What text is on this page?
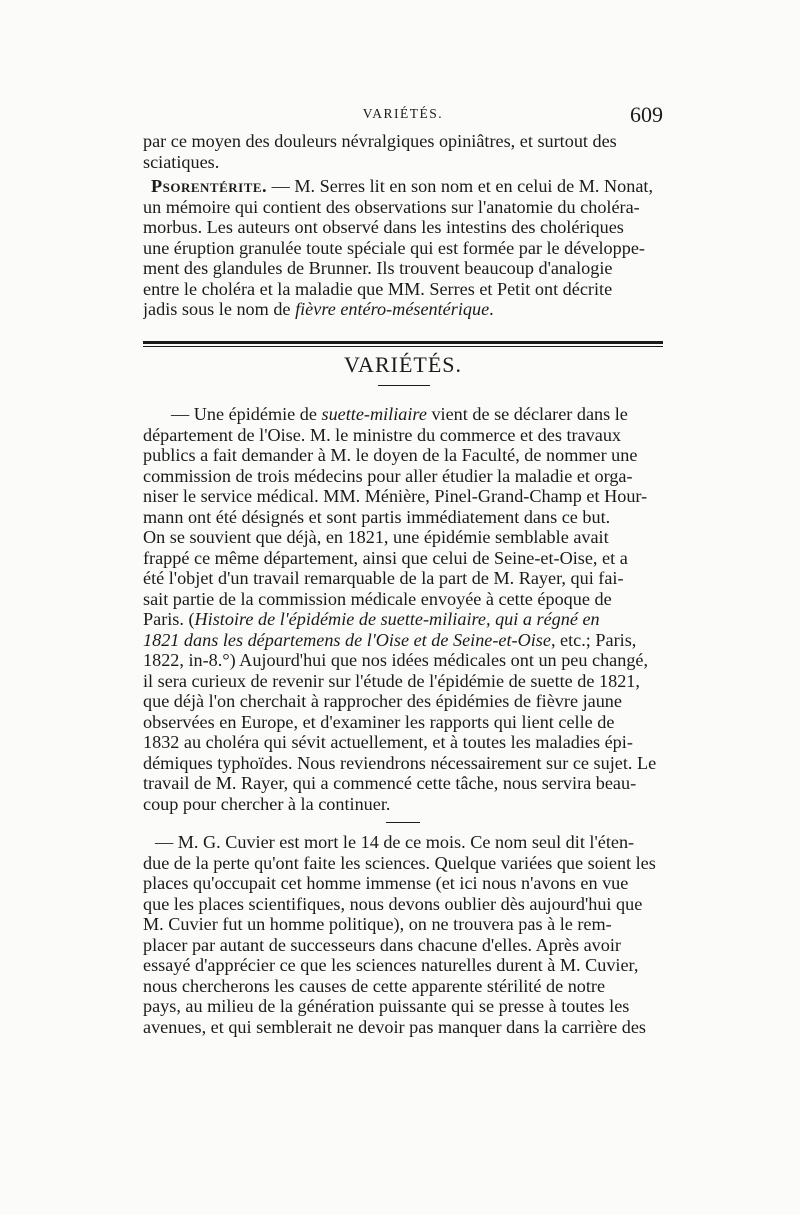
VARIÉTÉS.	609
par ce moyen des douleurs névralgiques opiniâtres, et surtout des
sciatiques.
Psorentérite. — M. Serres lit en son nom et en celui de M. Nonat,
un mémoire qui contient des observations sur l'anatomie du choléra-
morbus. Les auteurs ont observé dans les intestins des cholériques
une éruption granulée toute spéciale qui est formée par le développe-
ment des glandules de Brunner. Ils trouvent beaucoup d'analogie
entre le choléra et la maladie que MM. Serres et Petit ont décrite
jadis sous le nom de fièvre entéro-mésentérique.
VARIÉTÉS.
— Une épidémie de suette-miliaire vient de se déclarer dans le
département de l'Oise. M. le ministre du commerce et des travaux
publics a fait demander à M. le doyen de la Faculté, de nommer une
commission de trois médecins pour aller étudier la maladie et orga-
niser le service médical. MM. Ménière, Pinel-Grand-Champ et Hour-
mann ont été désignés et sont partis immédiatement dans ce but.
On se souvient que déjà, en 1821, une épidémie semblable avait
frappé ce même département, ainsi que celui de Seine-et-Oise, et a
été l'objet d'un travail remarquable de la part de M. Rayer, qui fai-
sait partie de la commission médicale envoyée à cette époque de
Paris. (Histoire de l'épidémie de suette-miliaire, qui a régné en
1821 dans les départemens de l'Oise et de Seine-et-Oise, etc.; Paris,
1822, in-8.°) Aujourd'hui que nos idées médicales ont un peu changé,
il sera curieux de revenir sur l'étude de l'épidémie de suette de 1821,
que déjà l'on cherchait à rapprocher des épidémies de fièvre jaune
observées en Europe, et d'examiner les rapports qui lient celle de
1832 au choléra qui sévit actuellement, et à toutes les maladies épi-
démiques typhoïdes. Nous reviendrons nécessairement sur ce sujet. Le
travail de M. Rayer, qui a commencé cette tâche, nous servira beau-
coup pour chercher à la continuer.
— M. G. Cuvier est mort le 14 de ce mois. Ce nom seul dit l'éten-
due de la perte qu'ont faite les sciences. Quelque variées que soient les
places qu'occupait cet homme immense (et ici nous n'avons en vue
que les places scientifiques, nous devons oublier dès aujourd'hui que
M. Cuvier fut un homme politique), on ne trouvera pas à le rem-
placer par autant de successeurs dans chacune d'elles. Après avoir
essayé d'apprécier ce que les sciences naturelles durent à M. Cuvier,
nous chercherons les causes de cette apparente stérilité de notre
pays, au milieu de la génération puissante qui se presse à toutes les
avenues, et qui semblerait ne devoir pas manquer dans la carrière des
